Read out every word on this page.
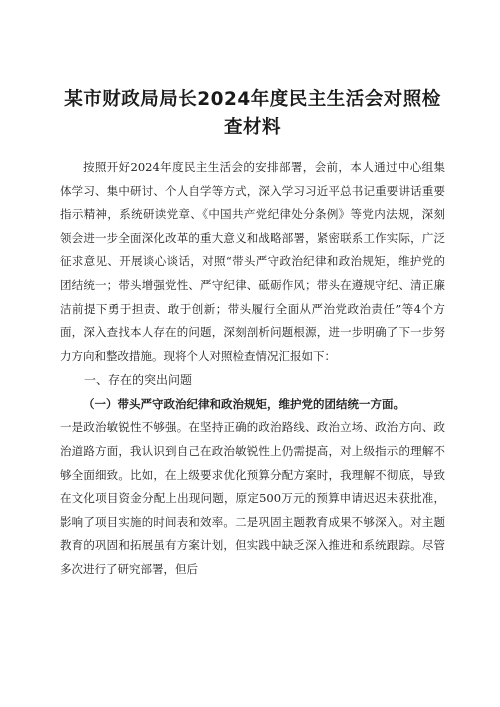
某市财政局局长2024年度民主生活会对照检
查材料

按照开好2024年度民主生活会的安排部署，会前，本人通过中心组集体学习、集中研讨、个人自学等方式，深入学习习近平总书记重要讲话重要指示精神，系统研读党章、《中国共产党纪律处分条例》等党内法规，深刻领会进一步全面深化改革的重大意义和战略部署，紧密联系工作实际，广泛征求意见、开展谈心谈话，对照“带头严守政治纪律和政治规矩，维护党的团结统一；带头增强党性、严守纪律、砥砺作风；带头在遵规守纪、清正廉洁前提下勇于担责、敢于创新；带头履行全面从严治党政治责任”等4个方面，深入查找本人存在的问题，深刻剖析问题根源，进一步明确了下一步努力方向和整改措施。现将个人对照检查情况汇报如下：

一、存在的突出问题

（一）带头严守政治纪律和政治规矩，维护党的团结统一方面。

一是政治敏锐性不够强。在坚持正确的政治路线、政治立场、政治方向、政治道路方面，我认识到自己在政治敏锐性上仍需提高，对上级指示的理解不够全面细致。比如，在上级要求优化预算分配方案时，我理解不彻底，导致在文化项目资金分配上出现问题，原定500万元的预算申请迟迟未获批准，影响了项目实施的时间表和效率。二是巩固主题教育成果不够深入。对主题教育的巩固和拓展虽有方案计划，但实践中缺乏深入推进和系统跟踪。尽管多次进行了研究部署，但后
